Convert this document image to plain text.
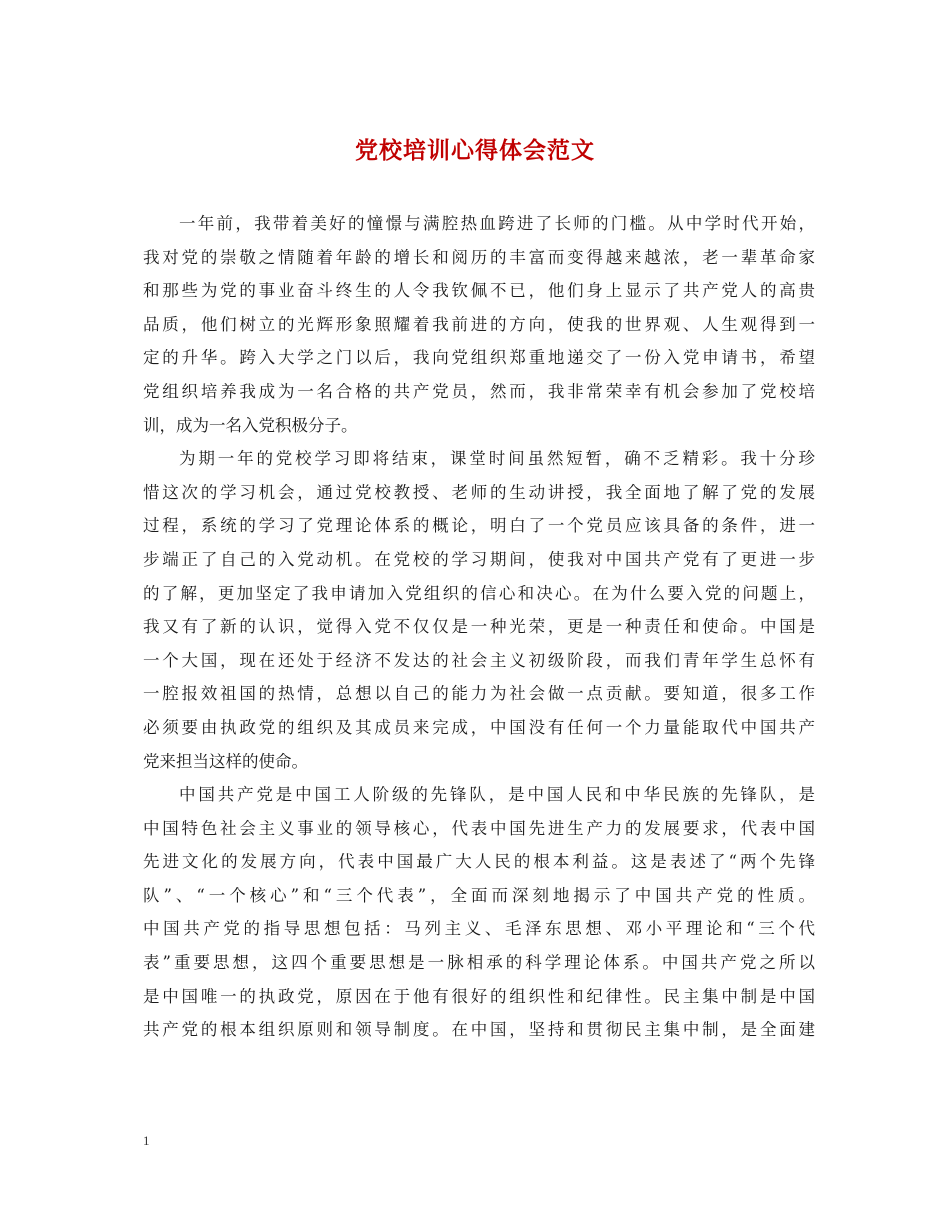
党校培训心得体会范文
一年前，我带着美好的憧憬与满腔热血跨进了长师的门槛。从中学时代开始，
我对党的崇敬之情随着年龄的增长和阅历的丰富而变得越来越浓，老一辈革命家
和那些为党的事业奋斗终生的人令我钦佩不已，他们身上显示了共产党人的高贵
品质，他们树立的光辉形象照耀着我前进的方向，使我的世界观、人生观得到一
定的升华。跨入大学之门以后，我向党组织郑重地递交了一份入党申请书，希望
党组织培养我成为一名合格的共产党员，然而，我非常荣幸有机会参加了党校培
训，成为一名入党积极分子。
为期一年的党校学习即将结束，课堂时间虽然短暂，确不乏精彩。我十分珍
惜这次的学习机会，通过党校教授、老师的生动讲授，我全面地了解了党的发展
过程，系统的学习了党理论体系的概论，明白了一个党员应该具备的条件，进一
步端正了自己的入党动机。在党校的学习期间，使我对中国共产党有了更进一步
的了解，更加坚定了我申请加入党组织的信心和决心。在为什么要入党的问题上，
我又有了新的认识，觉得入党不仅仅是一种光荣，更是一种责任和使命。中国是
一个大国，现在还处于经济不发达的社会主义初级阶段，而我们青年学生总怀有
一腔报效祖国的热情，总想以自己的能力为社会做一点贡献。要知道，很多工作
必须要由执政党的组织及其成员来完成，中国没有任何一个力量能取代中国共产
党来担当这样的使命。
中国共产党是中国工人阶级的先锋队，是中国人民和中华民族的先锋队，是
中国特色社会主义事业的领导核心，代表中国先进生产力的发展要求，代表中国
先进文化的发展方向，代表中国最广大人民的根本利益。这是表述了“两个先锋
队”、“一个核心”和“三个代表”，全面而深刻地揭示了中国共产党的性质。
中国共产党的指导思想包括：马列主义、毛泽东思想、邓小平理论和“三个代
表”重要思想，这四个重要思想是一脉相承的科学理论体系。中国共产党之所以
是中国唯一的执政党，原因在于他有很好的组织性和纪律性。民主集中制是中国
共产党的根本组织原则和领导制度。在中国，坚持和贯彻民主集中制，是全面建
1
